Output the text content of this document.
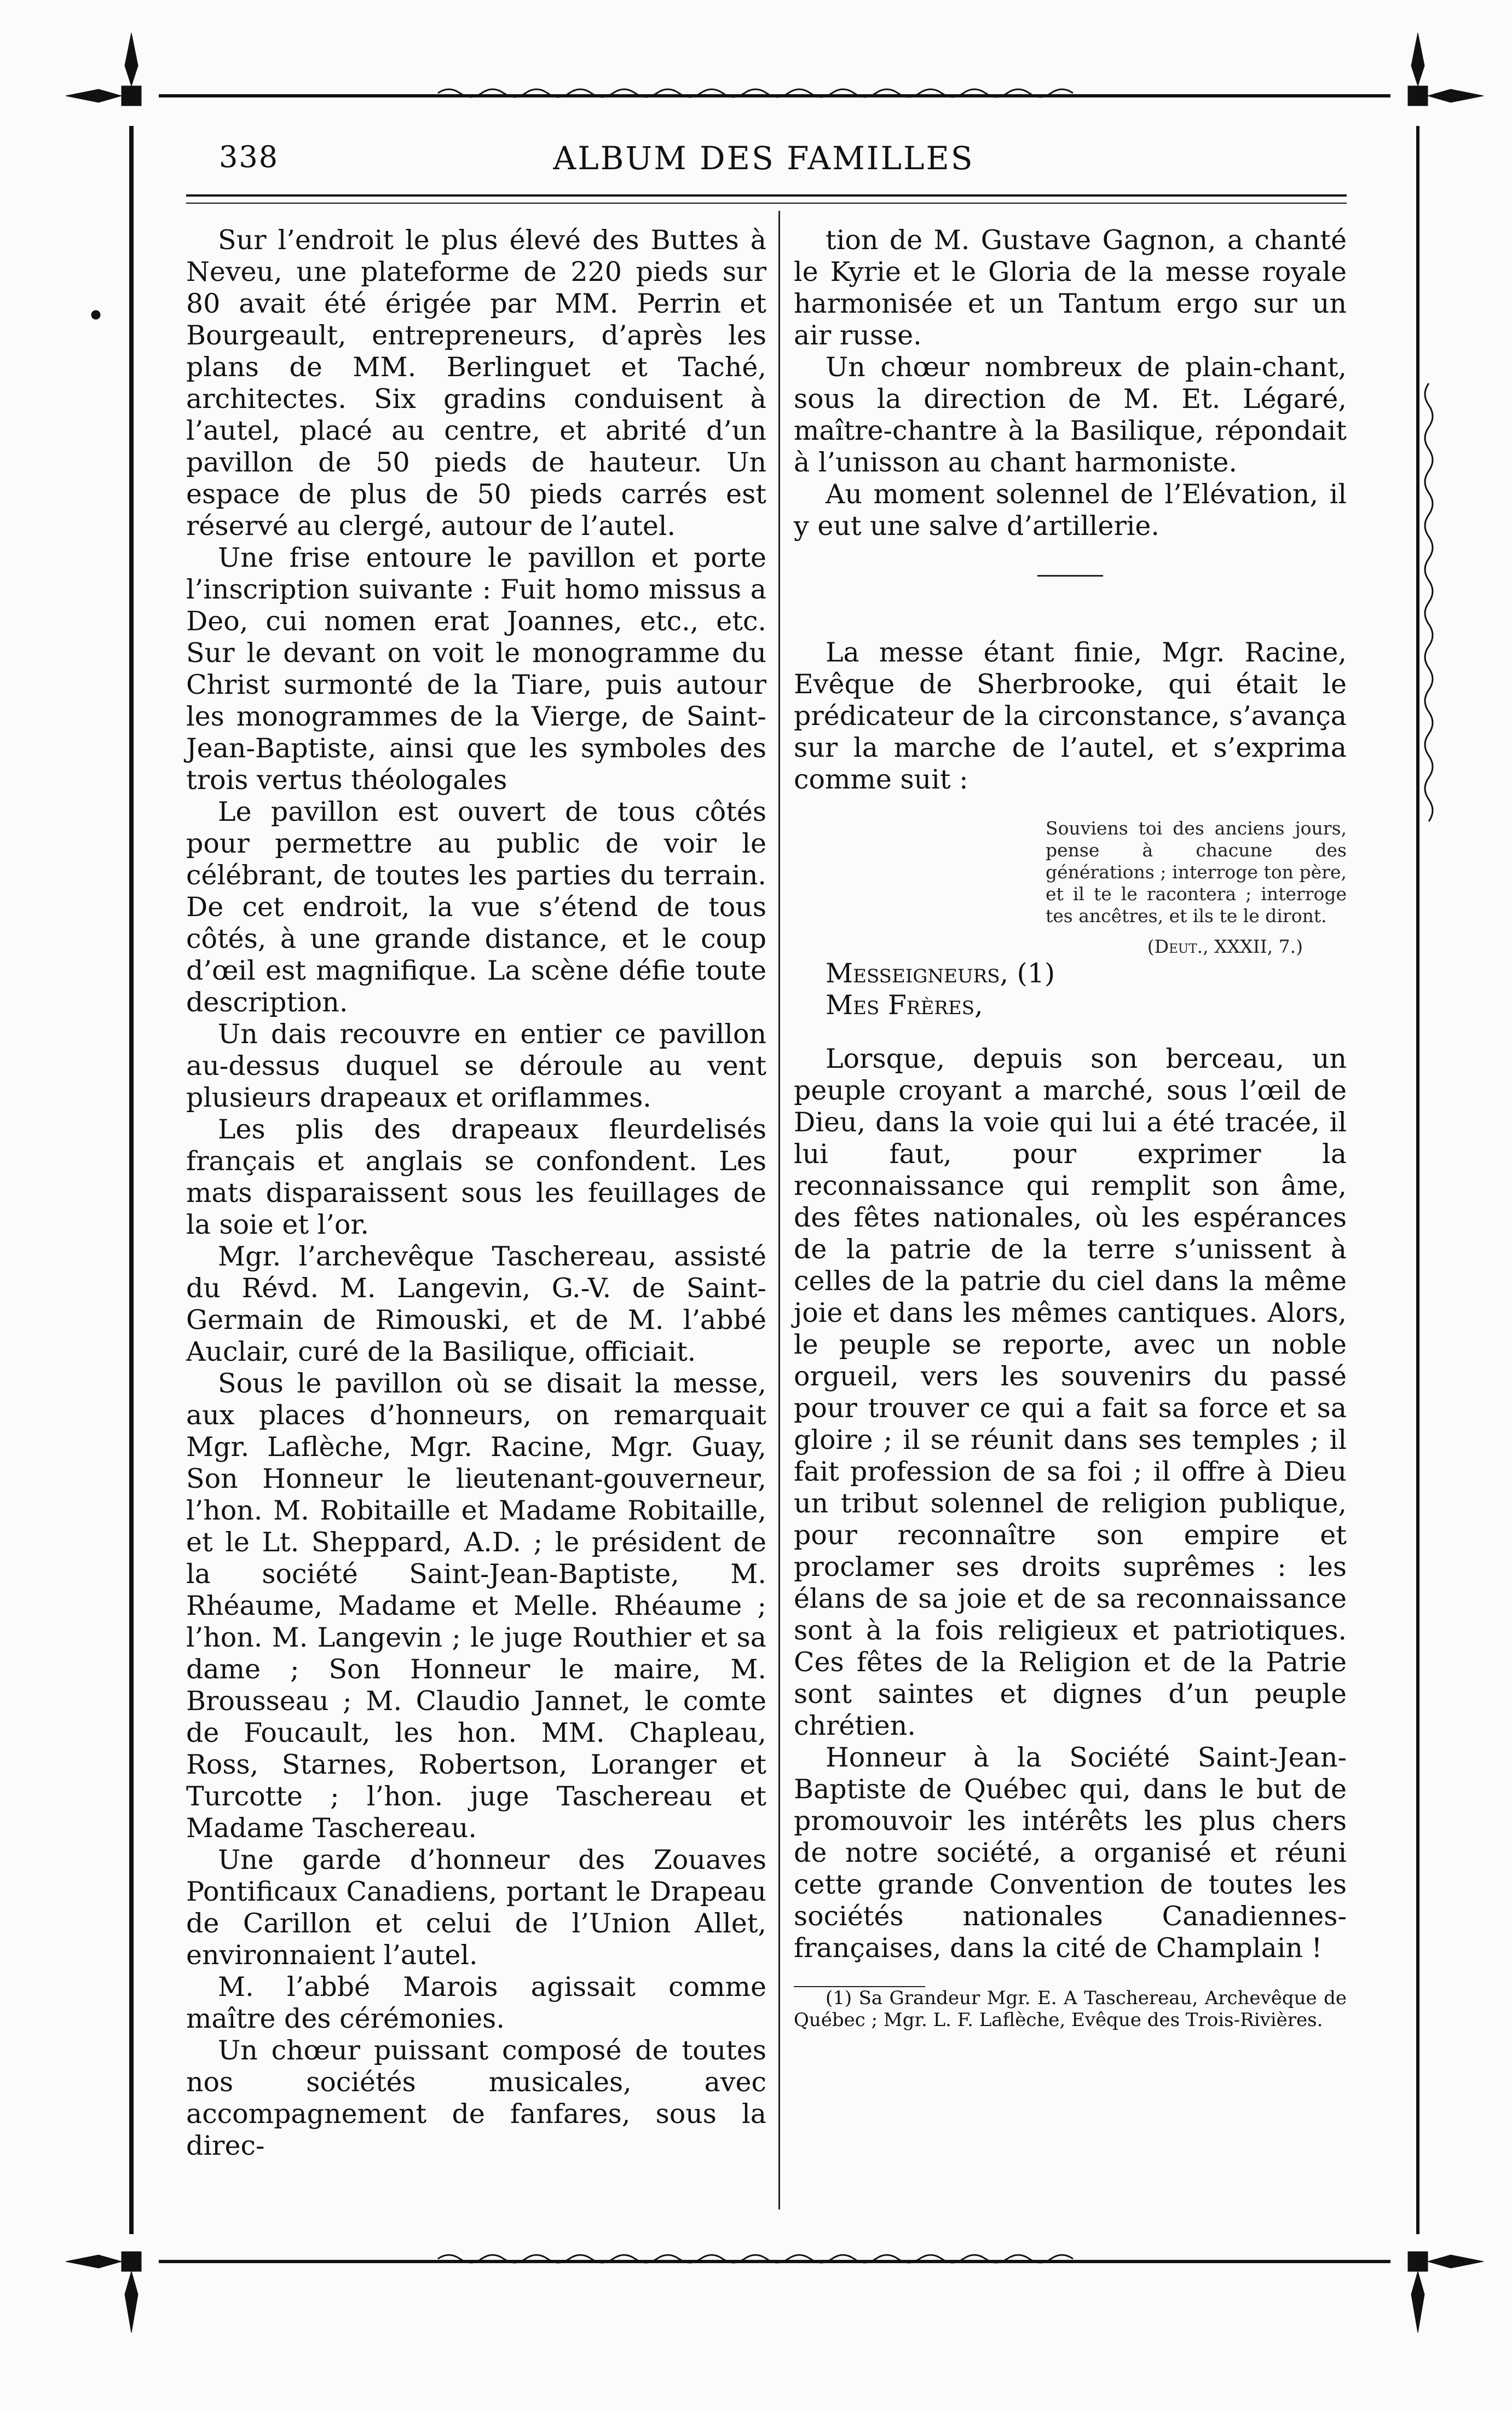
338	ALBUM DES FAMILLES

Sur l’endroit le plus élevé des Buttes à Neveu, une plateforme de 220 pieds sur 80 avait été érigée par MM. Perrin et Bourgeault, entrepreneurs, d’après les plans de MM. Berlinguet et Taché, architectes. Six gradins conduisent à l’autel, placé au centre, et abrité d’un pavillon de 50 pieds de hauteur. Un espace de plus de 50 pieds carrés est réservé au clergé, autour de l’autel.

Une frise entoure le pavillon et porte l’inscription suivante : Fuit homo missus a Deo, cui nomen erat Joannes, etc., etc. Sur le devant on voit le monogramme du Christ surmonté de la Tiare, puis autour les monogrammes de la Vierge, de Saint-Jean-Baptiste, ainsi que les symboles des trois vertus théologales

Le pavillon est ouvert de tous côtés pour permettre au public de voir le célébrant, de toutes les parties du terrain. De cet endroit, la vue s’étend de tous côtés, à une grande distance, et le coup d’œil est magnifique. La scène défie toute description.

Un dais recouvre en entier ce pavillon au-dessus duquel se déroule au vent plusieurs drapeaux et oriflammes.

Les plis des drapeaux fleurdelisés français et anglais se confondent. Les mats disparaissent sous les feuillages de la soie et l’or.

Mgr. l’archevêque Taschereau, assisté du Révd. M. Langevin, G.-V. de Saint-Germain de Rimouski, et de M. l’abbé Auclair, curé de la Basilique, officiait.

Sous le pavillon où se disait la messe, aux places d’honneurs, on remarquait Mgr. Laflèche, Mgr. Racine, Mgr. Guay, Son Honneur le lieutenant-gouverneur, l’hon. M. Robitaille et Madame Robitaille, et le Lt. Sheppard, A.D. ; le président de la société Saint-Jean-Baptiste, M. Rhéaume, Madame et Melle. Rhéaume ; l’hon. M. Langevin ; le juge Routhier et sa dame ; Son Honneur le maire, M. Brousseau ; M. Claudio Jannet, le comte de Foucault, les hon. MM. Chapleau, Ross, Starnes, Robertson, Loranger et Turcotte ; l’hon. juge Taschereau et Madame Taschereau.

Une garde d’honneur des Zouaves Pontificaux Canadiens, portant le Drapeau de Carillon et celui de l’Union Allet, environnaient l’autel.

M. l’abbé Marois agissait comme maître des cérémonies.

Un chœur puissant composé de toutes nos sociétés musicales, avec accompagnement de fanfares, sous la direc-

tion de M. Gustave Gagnon, a chanté le Kyrie et le Gloria de la messe royale harmonisée et un Tantum ergo sur un air russe.

Un chœur nombreux de plain-chant, sous la direction de M. Et. Légaré, maître-chantre à la Basilique, répondait à l’unisson au chant harmoniste.

Au moment solennel de l’Elévation, il y eut une salve d’artillerie.

La messe étant finie, Mgr. Racine, Evêque de Sherbrooke, qui était le prédicateur de la circonstance, s’avança sur la marche de l’autel, et s’exprima comme suit :

Souviens toi des anciens jours, pense à chacune des générations ; interroge ton père, et il te le racontera ; interroge tes ancêtres, et ils te le diront.
(Deut., XXXII, 7.)

Messeigneurs, (1)

Mes Frères,

Lorsque, depuis son berceau, un peuple croyant a marché, sous l’œil de Dieu, dans la voie qui lui a été tracée, il lui faut, pour exprimer la reconnaissance qui remplit son âme, des fêtes nationales, où les espérances de la patrie de la terre s’unissent à celles de la patrie du ciel dans la même joie et dans les mêmes cantiques. Alors, le peuple se reporte, avec un noble orgueil, vers les souvenirs du passé pour trouver ce qui a fait sa force et sa gloire ; il se réunit dans ses temples ; il fait profession de sa foi ; il offre à Dieu un tribut solennel de religion publique, pour reconnaître son empire et proclamer ses droits suprêmes : les élans de sa joie et de sa reconnaissance sont à la fois religieux et patriotiques. Ces fêtes de la Religion et de la Patrie sont saintes et dignes d’un peuple chrétien.

Honneur à la Société Saint-Jean-Baptiste de Québec qui, dans le but de promouvoir les intérêts les plus chers de notre société, a organisé et réuni cette grande Convention de toutes les sociétés nationales Canadiennes-françaises, dans la cité de Champlain !

(1) Sa Grandeur Mgr. E. A Taschereau, Archevêque de Québec ; Mgr. L. F. Laflèche, Evêque des Trois-Rivières.
